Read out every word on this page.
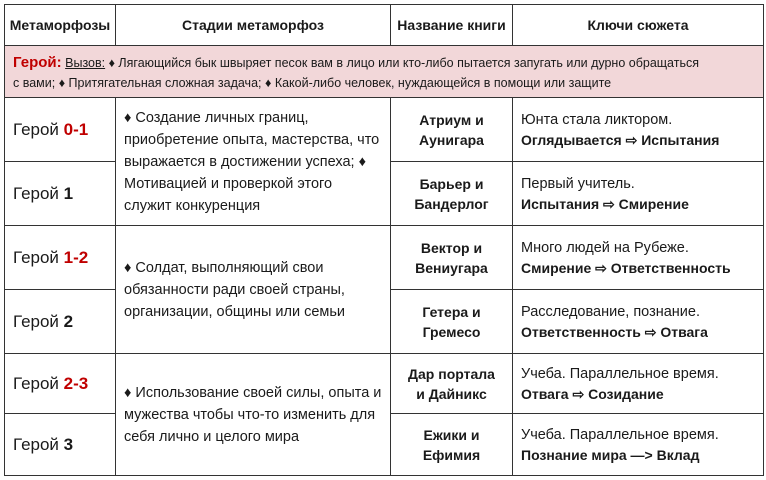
Метаморфозы	Стадии метаморфоз	Название книги	Ключи сюжета
Герой: Вызов: ♦ Лягающийся бык швыряет песок вам в лицо или кто-либо пытается запугать или дурно обращаться
с вами; ♦ Притягательная сложная задача; ♦ Какой-либо человек, нуждающейся в помощи или защите			
Герой 0-1	♦ Создание личных границ, приобретение опыта, мастерства, что выражается в достижении успеха; ♦ Мотивацией и проверкой этого служит конкуренция	Атриум и
Аунигара	Юнта стала ликтором.
Оглядывается ⇨ Испытания

Герой 1		Барьер и
Бандерлог	Первый учитель.
Испытания ⇨ Смирение

Герой 1-2	♦ Солдат, выполняющий свои обязанности ради своей страны, организации, общины или семьи	Вектор и
Вениугара	Много людей на Рубеже.
Смирение ⇨ Ответственность

Герой 2		Гетера и
Гремесо	Расследование, познание.
Ответственность ⇨ Отвага

Герой 2-3	♦ Использование своей силы, опыта и мужества чтобы что-то изменить для себя лично и целого мира	Дар портала
и Дайникс	Учеба. Параллельное время.
Отвага ⇨ Созидание

Герой 3		Ежики и
Ефимия	Учеба. Параллельное время.
Познание мира —> Вклад
